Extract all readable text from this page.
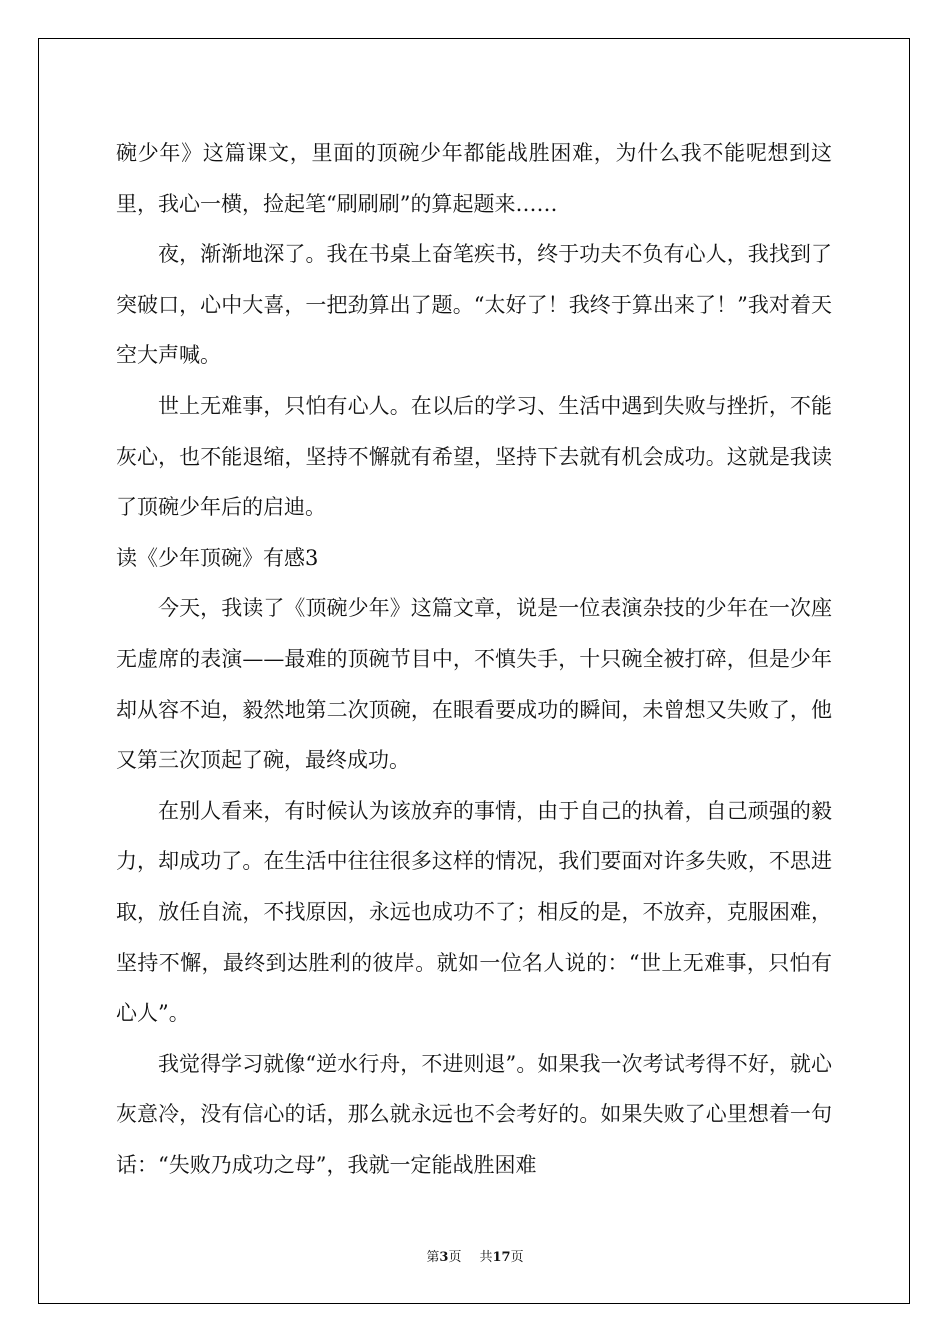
碗少年》这篇课文，里面的顶碗少年都能战胜困难，为什么我不能呢想到这里，我心一横，捡起笔“刷刷刷”的算起题来……

夜，渐渐地深了。我在书桌上奋笔疾书，终于功夫不负有心人，我找到了突破口，心中大喜，一把劲算出了题。“太好了！我终于算出来了！”我对着天空大声喊。

世上无难事，只怕有心人。在以后的学习、生活中遇到失败与挫折，不能灰心，也不能退缩，坚持不懈就有希望，坚持下去就有机会成功。这就是我读了顶碗少年后的启迪。

读《少年顶碗》有感3

今天，我读了《顶碗少年》这篇文章，说是一位表演杂技的少年在一次座无虚席的表演——最难的顶碗节目中，不慎失手，十只碗全被打碎，但是少年却从容不迫，毅然地第二次顶碗，在眼看要成功的瞬间，未曾想又失败了，他又第三次顶起了碗，最终成功。

在别人看来，有时候认为该放弃的事情，由于自己的执着，自己顽强的毅力，却成功了。在生活中往往很多这样的情况，我们要面对许多失败，不思进取，放任自流，不找原因，永远也成功不了；相反的是，不放弃，克服困难，坚持不懈，最终到达胜利的彼岸。就如一位名人说的：“世上无难事，只怕有心人”。

我觉得学习就像“逆水行舟，不进则退”。如果我一次考试考得不好，就心灰意冷，没有信心的话，那么就永远也不会考好的。如果失败了心里想着一句话：“失败乃成功之母”，我就一定能战胜困难

第3页 共17页
